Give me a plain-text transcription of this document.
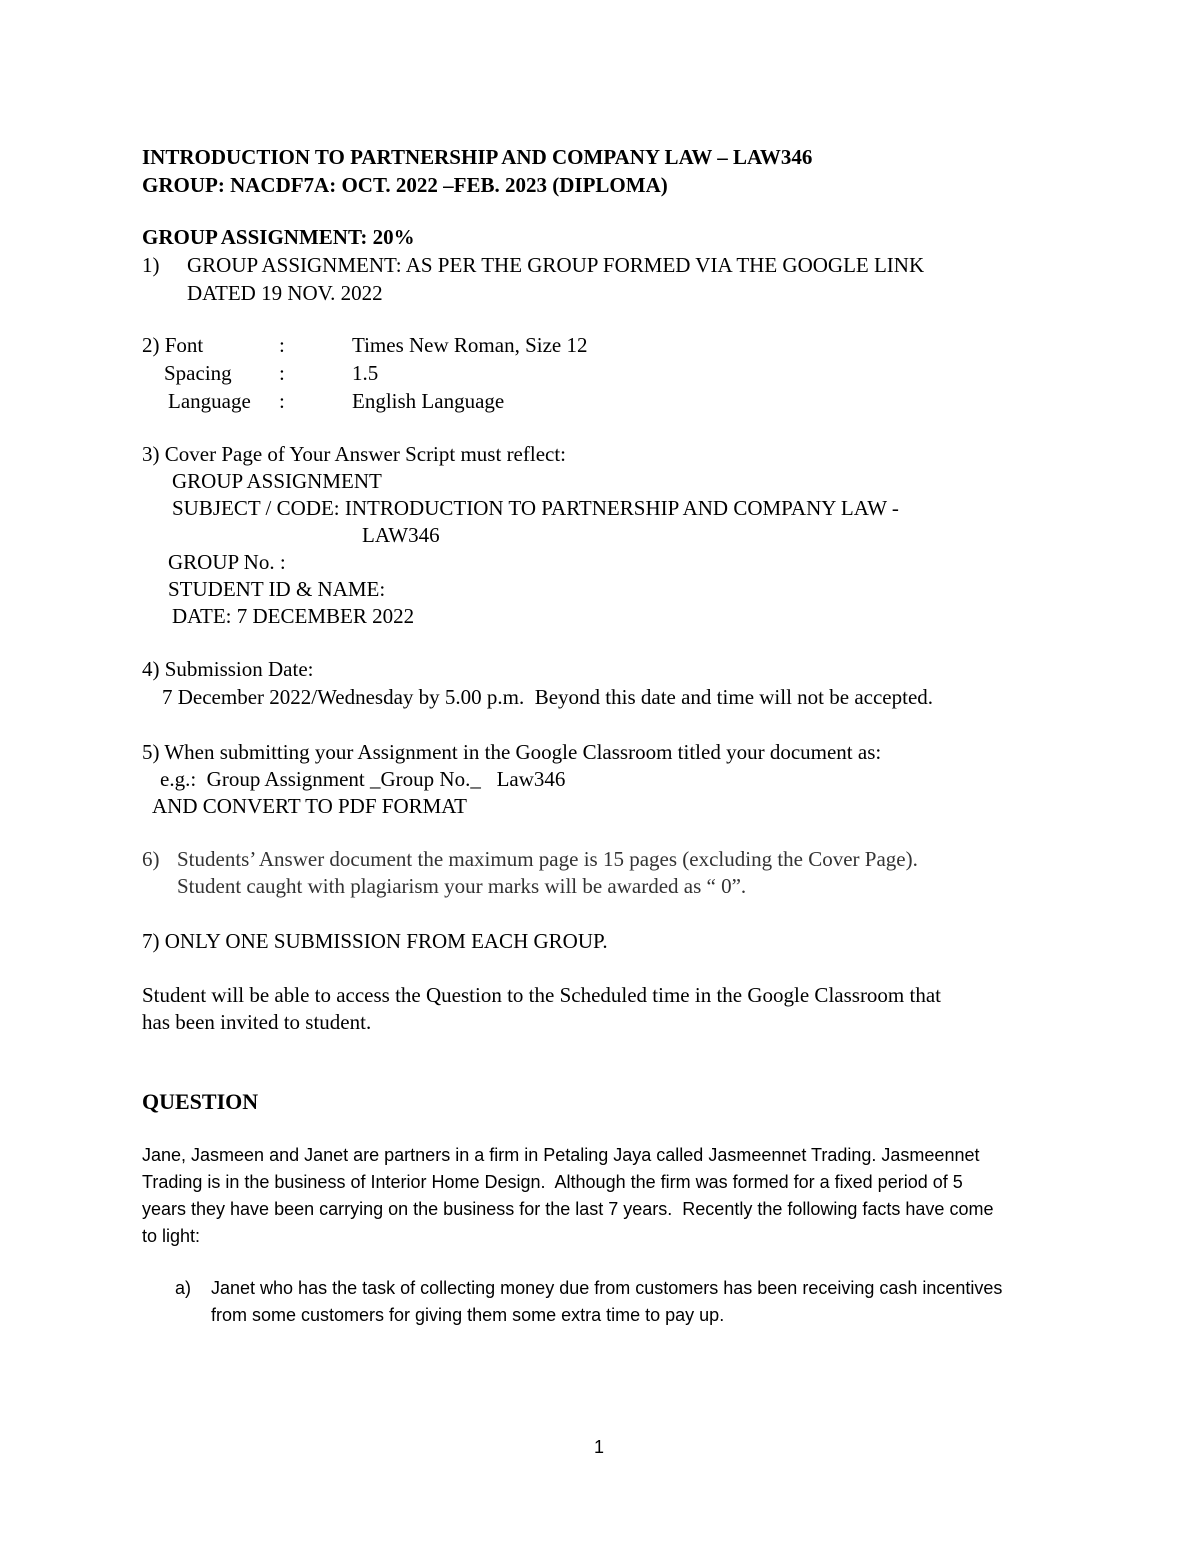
INTRODUCTION TO PARTNERSHIP AND COMPANY LAW – LAW346
GROUP: NACDF7A: OCT. 2022 –FEB. 2023 (DIPLOMA)
GROUP ASSIGNMENT: 20%
1) GROUP ASSIGNMENT: AS PER THE GROUP FORMED VIA THE GOOGLE LINK
DATED 19 NOV. 2022
2) Font	:	Times New Roman, Size 12
Spacing :	1.5
Language :	English Language
3) Cover Page of Your Answer Script must reflect:
GROUP ASSIGNMENT
SUBJECT / CODE: INTRODUCTION TO PARTNERSHIP AND COMPANY LAW -
LAW346
GROUP No. :
STUDENT ID & NAME:
DATE: 7 DECEMBER 2022
4) Submission Date:
7 December 2022/Wednesday by 5.00 p.m.  Beyond this date and time will not be accepted.
5) When submitting your Assignment in the Google Classroom titled your document as:
e.g.:  Group Assignment _Group No._   Law346
AND CONVERT TO PDF FORMAT
6) Students’ Answer document the maximum page is 15 pages (excluding the Cover Page).
Student caught with plagiarism your marks will be awarded as “ 0”.
7) ONLY ONE SUBMISSION FROM EACH GROUP.
Student will be able to access the Question to the Scheduled time in the Google Classroom that
has been invited to student.
QUESTION
Jane, Jasmeen and Janet are partners in a firm in Petaling Jaya called Jasmeennet Trading. Jasmeennet
Trading is in the business of Interior Home Design.  Although the firm was formed for a fixed period of 5
years they have been carrying on the business for the last 7 years.  Recently the following facts have come
to light:
a) Janet who has the task of collecting money due from customers has been receiving cash incentives
from some customers for giving them some extra time to pay up.
1
